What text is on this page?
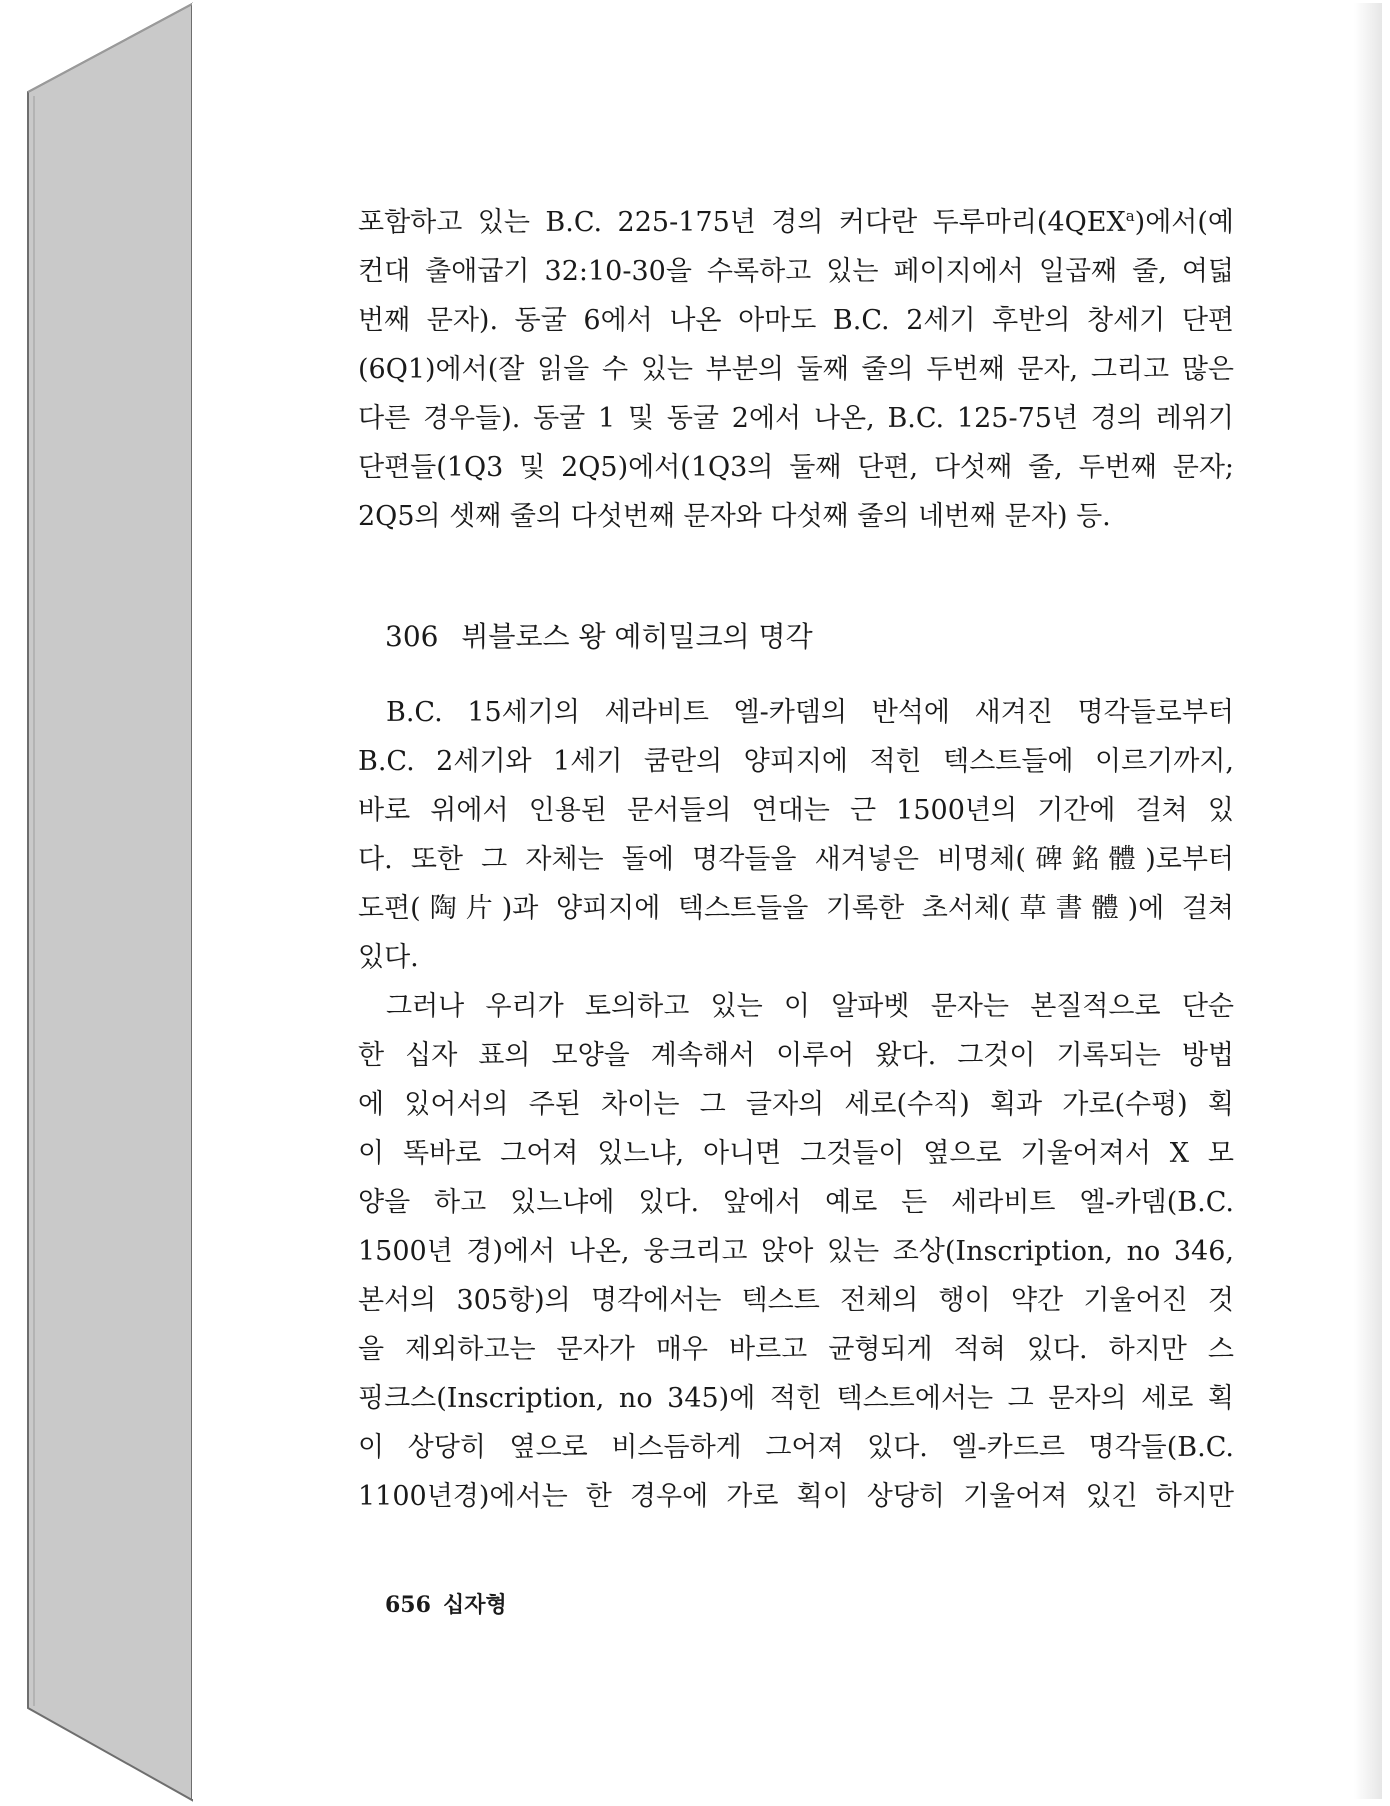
포함하고 있는 B.C. 225-175년 경의 커다란 두루마리(4QEX$^a$)에서(예

컨대 출애굽기 32:10-30을 수록하고 있는 페이지에서 일곱째 줄, 여덟

번째 문자). 동굴 6에서 나온 아마도 B.C. 2세기 후반의 창세기 단편

(6Q1)에서(잘 읽을 수 있는 부분의 둘째 줄의 두번째 문자, 그리고 많은

다른 경우들). 동굴 1 및 동굴 2에서 나온, B.C. 125-75년 경의 레위기

단편들(1Q3 및 2Q5)에서(1Q3의 둘째 단편, 다섯째 줄, 두번째 문자;

2Q5의 셋째 줄의 다섯번째 문자와 다섯째 줄의 네번째 문자) 등.

306 뷔블로스 왕 예히밀크의 명각

B.C. 15세기의 세라비트 엘-카뎀의 반석에 새겨진 명각들로부터

B.C. 2세기와 1세기 쿰란의 양피지에 적힌 텍스트들에 이르기까지,

바로 위에서 인용된 문서들의 연대는 근 1500년의 기간에 걸쳐 있

다. 또한 그 자체는 돌에 명각들을 새겨넣은 비명체(碑銘體)로부터

도편(陶片)과 양피지에 텍스트들을 기록한 초서체(草書體)에 걸쳐

있다.

그러나 우리가 토의하고 있는 이 알파벳 문자는 본질적으로 단순

한 십자 표의 모양을 계속해서 이루어 왔다. 그것이 기록되는 방법

에 있어서의 주된 차이는 그 글자의 세로(수직) 획과 가로(수평) 획

이 똑바로 그어져 있느냐, 아니면 그것들이 옆으로 기울어져서 X 모

양을 하고 있느냐에 있다. 앞에서 예로 든 세라비트 엘-카뎀(B.C.

1500년 경)에서 나온, 웅크리고 앉아 있는 조상(Inscription, no 346,

본서의 305항)의 명각에서는 텍스트 전체의 행이 약간 기울어진 것

을 제외하고는 문자가 매우 바르고 균형되게 적혀 있다. 하지만 스

핑크스(Inscription, no 345)에 적힌 텍스트에서는 그 문자의 세로 획

이 상당히 옆으로 비스듬하게 그어져 있다. 엘-카드르 명각들(B.C.

1100년경)에서는 한 경우에 가로 획이 상당히 기울어져 있긴 하지만

656 십자형
